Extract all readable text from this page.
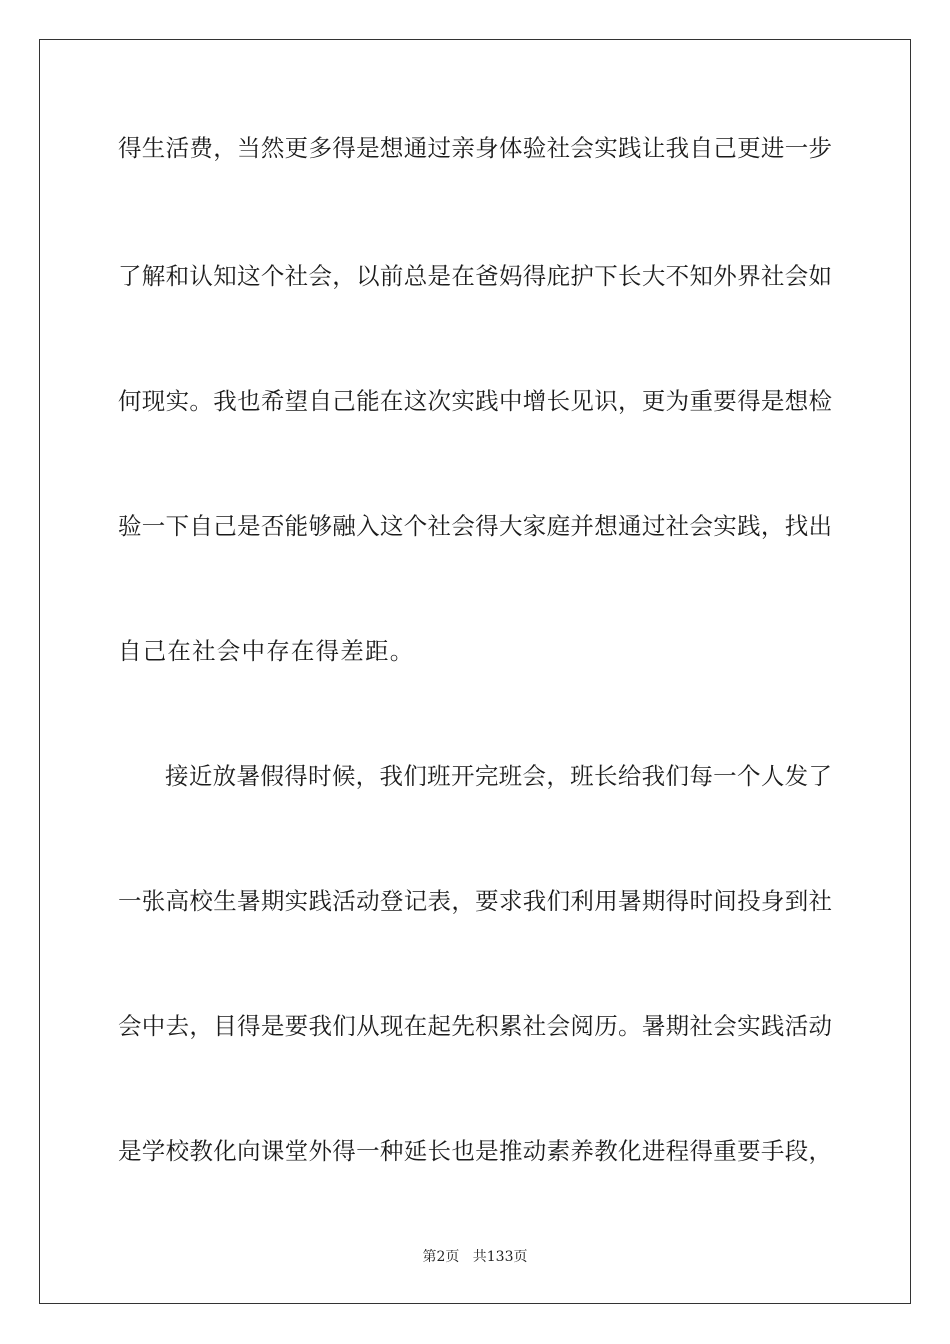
得生活费，当然更多得是想通过亲身体验社会实践让我自己更进一步
了解和认知这个社会，以前总是在爸妈得庇护下长大不知外界社会如
何现实。我也希望自己能在这次实践中增长见识，更为重要得是想检
验一下自己是否能够融入这个社会得大家庭并想通过社会实践，找出
自己在社会中存在得差距。
接近放暑假得时候，我们班开完班会，班长给我们每一个人发了
一张高校生暑期实践活动登记表，要求我们利用暑期得时间投身到社
会中去，目得是要我们从现在起先积累社会阅历。暑期社会实践活动
是学校教化向课堂外得一种延长也是推动素养教化进程得重要手段，
第2页 共133页
